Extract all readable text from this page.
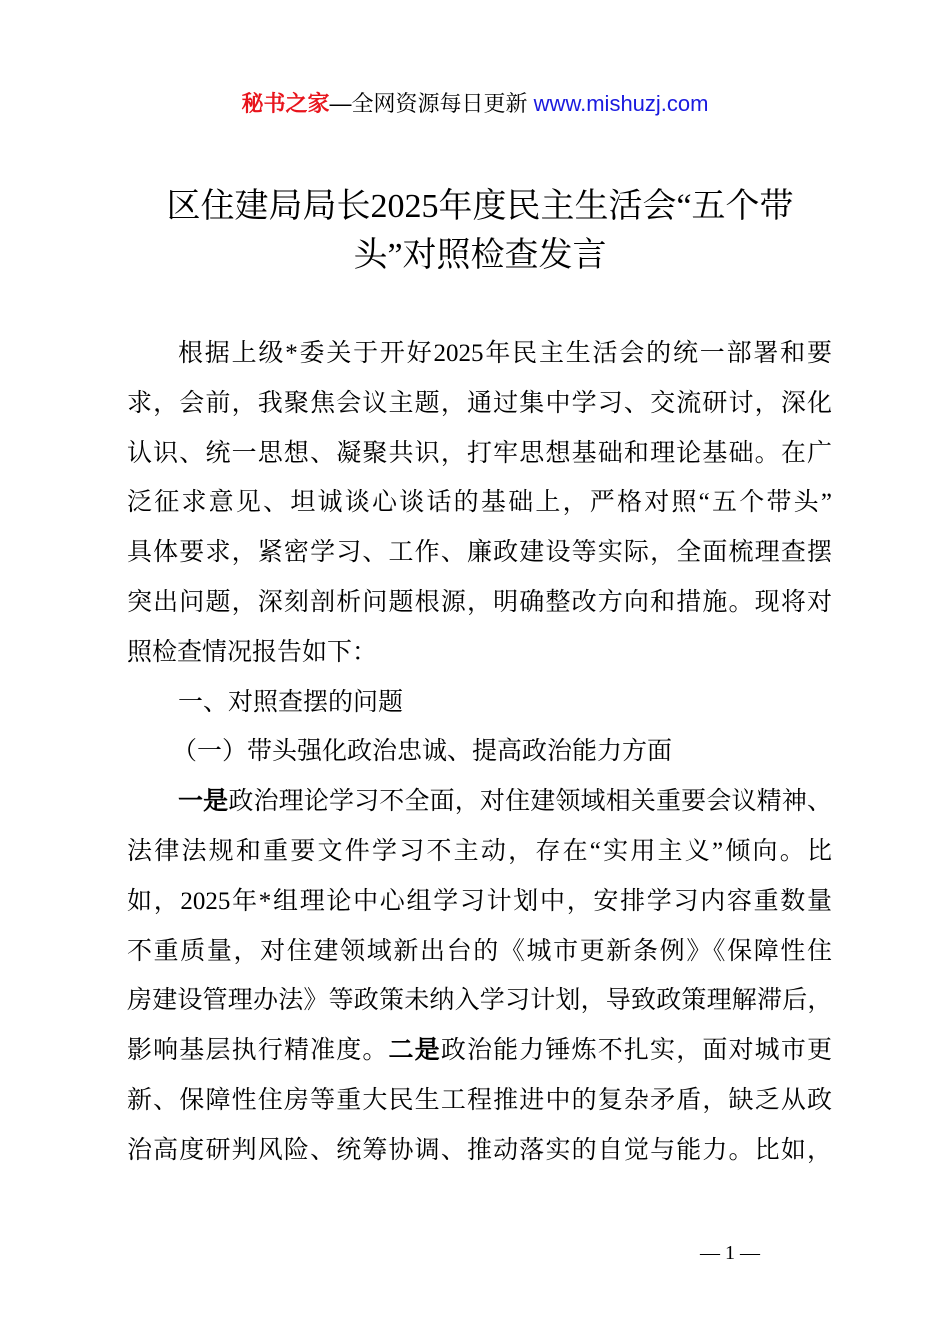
秘书之家—全网资源每日更新 www.mishuzj.com
区住建局局长2025年度民主生活会“五个带
头”对照检查发言
根据上级*委关于开好2025年民主生活会的统一部署和要
求，会前，我聚焦会议主题，通过集中学习、交流研讨，深化
认识、统一思想、凝聚共识，打牢思想基础和理论基础。在广
泛征求意见、坦诚谈心谈话的基础上，严格对照“五个带头”
具体要求，紧密学习、工作、廉政建设等实际，全面梳理查摆
突出问题，深刻剖析问题根源，明确整改方向和措施。现将对
照检查情况报告如下：
一、对照查摆的问题
（一）带头强化政治忠诚、提高政治能力方面
一是政治理论学习不全面，对住建领域相关重要会议精神、
法律法规和重要文件学习不主动，存在“实用主义”倾向。比
如，2025年*组理论中心组学习计划中，安排学习内容重数量
不重质量，对住建领域新出台的《城市更新条例》《保障性住
房建设管理办法》等政策未纳入学习计划，导致政策理解滞后，
影响基层执行精准度。二是政治能力锤炼不扎实，面对城市更
新、保障性住房等重大民生工程推进中的复杂矛盾，缺乏从政
治高度研判风险、统筹协调、推动落实的自觉与能力。比如，
— 1 —
